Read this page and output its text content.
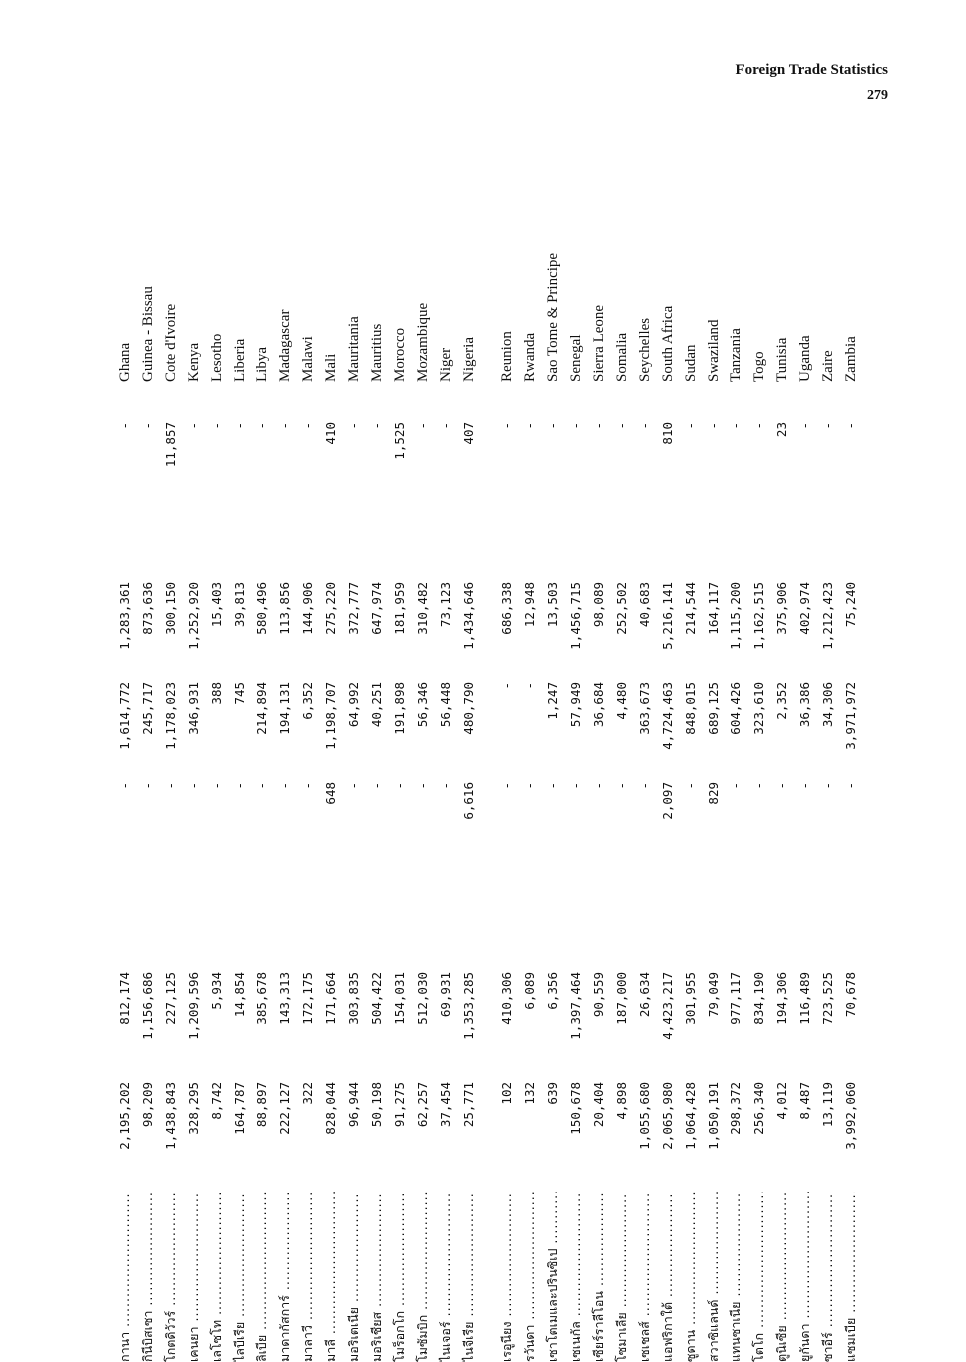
Foreign Trade Statistics
279
กานา .....
2,195,202
812,174
-
1,614,772
1,283,361
-
Ghana
กินีบิสเซา .....
98,209
1,156,686
-
245,717
873,636
-
Guinea - Bissau
โกตดิวัวร์ .....
1,438,843
227,125
-
1,178,023
300,150
11,857
Cote d'Ivoire
เคนยา .....
328,295
1,209,596
-
346,931
1,252,920
-
Kenya
เลโซโท .....
8,742
5,934
-
388
15,403
-
Lesotho
ไลบีเรีย .....
164,787
14,854
-
745
39,813
-
Liberia
ลิเบีย .....
88,897
385,678
-
214,894
580,496
-
Libya
มาดากัสการ์ .....
222,127
143,313
-
194,131
113,856
-
Madagascar
มาลาวี .....
322
172,175
-
6,352
144,906
-
Malawi
มาลี .....
828,044
171,664
648
1,198,707
275,220
410
Mali
มอริเตเนีย .....
96,944
303,835
-
64,992
372,777
-
Mauritania
มอริเชียส .....
50,198
504,422
-
40,251
647,974
-
Mauritius
โมร็อกโก .....
91,275
154,031
-
191,898
181,959
1,525
Morocco
โมซัมบิก .....
62,257
512,030
-
56,346
310,482
-
Mozambique
ไนเจอร์ .....
37,454
69,931
-
56,448
73,123
-
Niger
ไนจีเรีย .....
25,771
1,353,285
6,616
480,790
1,434,646
407
Nigeria
เรอูนียง .....
102
410,306
-
-
686,338
-
Reunion
รวันดา .....
132
6,089
-
-
12,948
-
Rwanda
เซาโตเมและปรินซิเป .....
639
6,356
-
1,247
13,503
-
Sao Tome & Principe
เซเนกัล .....
150,678
1,397,464
-
57,949
1,456,715
-
Senegal
เซียร์ราลีโอน .....
20,404
90,559
-
36,684
98,089
-
Sierra Leone
โซมาเลีย .....
4,898
187,000
-
4,480
252,502
-
Somalia
เซเชลส์ .....
1,055,680
26,634
-
363,673
40,683
-
Seychelles
แอฟริกาใต้ .....
2,065,980
4,423,217
2,097
4,724,463
5,216,141
810
South Africa
ซูดาน .....
1,064,428
301,955
-
848,015
214,544
-
Sudan
สวาซิแลนด์ .....
1,050,191
79,049
829
689,125
164,117
-
Swaziland
แทนซาเนีย .....
298,372
977,117
-
604,426
1,115,200
-
Tanzania
โตโก .....
256,340
834,190
-
323,610
1,162,515
-
Togo
ตูนิเซีย .....
4,012
194,306
-
2,352
375,906
23
Tunisia
ยูกันดา .....
8,487
116,489
-
36,386
402,974
-
Uganda
ซาอีร์ .....
13,119
723,525
-
34,306
1,212,423
-
Zaire
แซมเบีย .....
3,992,060
70,678
-
3,971,972
75,240
-
Zambia
